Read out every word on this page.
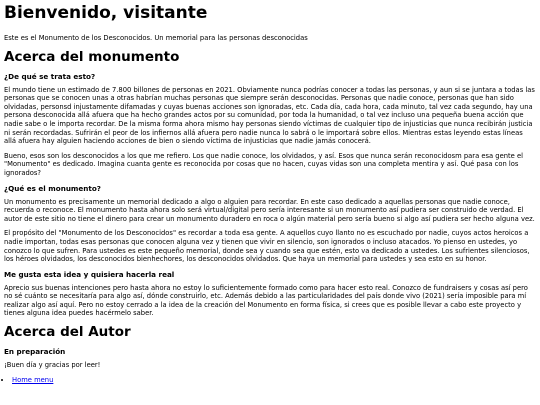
Bienvenido, visitante

Este es el Monumento de los Desconocidos. Un memorial para las personas desconocidas

Acerca del monumento
¿De qué se trata esto?

El mundo tiene un estimado de 7.800 billones de personas en 2021. Obviamente nunca podrías conocer a todas las personas, y aun si se juntara a todas las personas que se conocen unas a otras habrían muchas personas que siempre serán desconocidas. Personas que nadie conoce, personas que han sido olvidadas, personsd injustamente difamadas y cuyas buenas acciones son ignoradas, etc. Cada día, cada hora, cada minuto, tal vez cada segundo, hay una persona desconocida allá afuera que ha hecho grandes actos por su comunidad, por toda la humanidad, o tal vez incluso una pequeña buena acción que nadie sabe o le importa recordar. De la misma forma ahora mismo hay personas siendo víctimas de cualquier tipo de injusticias que nunca recibirán justicia ni serán recordadas. Sufrirán el peor de los infiernos allá afuera pero nadie nunca lo sabrá o le importará sobre ellos. Mientras estas leyendo estas líneas allá afuera hay alguien haciendo acciones de bien o siendo víctima de injusticias que nadie jamás conocerá.

Bueno, esos son los desconocidos a los que me refiero. Los que nadie conoce, los olvidados, y así. Esos que nunca serán reconocidosm para esa gente el "Monumento" es dedicado. Imagina cuanta gente es reconocida por cosas que no hacen, cuyas vidas son una completa mentira y así. Qué pasa con los ignorados?

¿Qué es el monumento?

Un monumento es precisamente un memorial dedicado a algo o alguien para recordar. En este caso dedicado a aquellas personas que nadie conoce, recuerda o reconoce. El monumento hasta ahora solo será virtual/digital pero sería interesante si un monumento así pudiera ser construido de verdad. El autor de este sitio no tiene el dinero para crear un monumento duradero en roca o algún material pero sería bueno si algo así pudiera ser hecho alguna vez.

El propósito del "Monumento de los Desconocidos" es recordar a toda esa gente. A aquellos cuyo llanto no es escuchado por nadie, cuyos actos heroicos a nadie importan, todas esas personas que conocen alguna vez y tienen que vivir en silencio, son ignorados o incluso atacados. Yo pienso en ustedes, yo conozco lo que sufren. Para ustedes es este pequeño memorial, donde sea y cuando sea que estén, esto va dedicado a ustedes. Los sufrientes silenciosos, los héroes olvidados, los desconocidos bienhechores, los desconocidos olvidados. Que haya un memorial para ustedes y sea esto en su honor.

Me gusta esta idea y quisiera hacerla real

Aprecio sus buenas intenciones pero hasta ahora no estoy lo suficientemente formado como para hacer esto real. Conozco de fundraisers y cosas así pero no sé cuánto se necesitaría para algo así, dónde construirlo, etc. Además debido a las particularidades del país donde vivo (2021) sería imposible para mí realizar algo así aquí. Pero no estoy cerrado a la idea de la creación del Monumento en forma física, si crees que es posible llevar a cabo este proyecto y tienes alguna idea puedes hacérmelo saber.

Acerca del Autor
En preparación

¡Buen día y gracias por leer!

• Home menu
